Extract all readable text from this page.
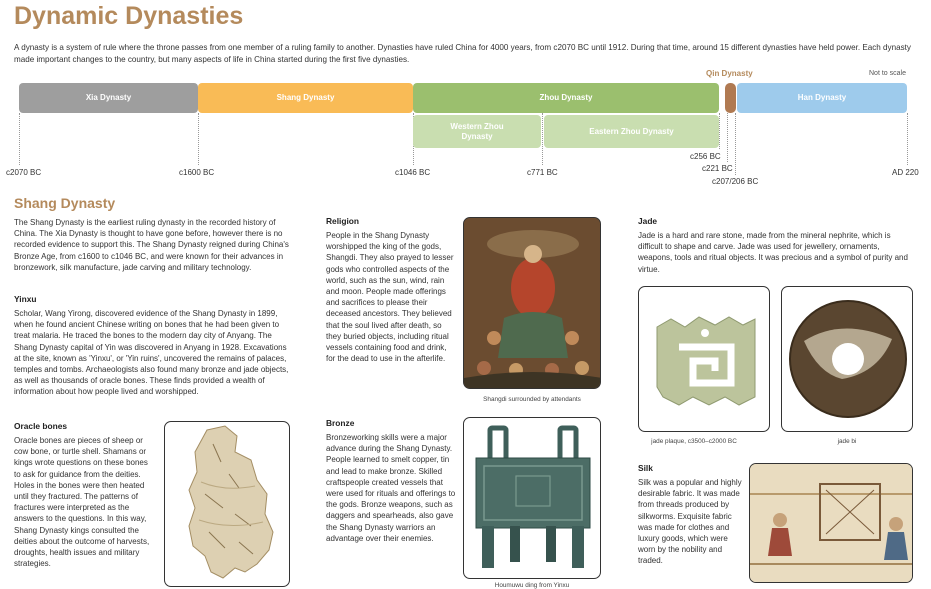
Dynamic Dynasties
A dynasty is a system of rule where the throne passes from one member of a ruling family to another. Dynasties have ruled China for 4000 years, from c2070 BC until 1912. During that time, around 15 different dynasties have held power. Each dynasty made important changes to the country, but many aspects of life in China started during the first five dynasties.
Qin Dynasty	Not to scale
Xia Dynasty	Shang Dynasty	Zhou Dynasty
Western Zhou Dynasty
Eastern Zhou Dynasty
Han Dynasty
c2070 BC	c1600 BC	c1046 BC	c771 BC
c256 BC
c221 BC
c207/206 BC
AD 220
Shang Dynasty
The Shang Dynasty is the earliest ruling dynasty in the recorded history of China. The Xia Dynasty is thought to have gone before, however there is no recorded evidence to support this. The Shang Dynasty reigned during China's Bronze Age, from c1600 to c1046 BC, and were known for their advances in bronzework, silk manufacture, jade carving and military technology.
Yinxu
Scholar, Wang Yirong, discovered evidence of the Shang Dynasty in 1899, when he found ancient Chinese writing on bones that he had been given to treat malaria. He traced the bones to the modern day city of Anyang. The Shang Dynasty capital of Yin was discovered in Anyang in 1928. Excavations at the site, known as 'Yinxu', or 'Yin ruins', uncovered the remains of palaces, temples and tombs. Archaeologists also found many bronze and jade objects, as well as thousands of oracle bones. These finds provided a wealth of information about how people lived and worshipped.
Oracle bones
Oracle bones are pieces of sheep or cow bone, or turtle shell. Shamans or kings wrote questions on these bones to ask for guidance from the deities. Holes in the bones were then heated until they fractured. The patterns of fractures were interpreted as the answers to the questions. In this way, Shang Dynasty kings consulted the deities about the outcome of harvests, droughts, health issues and military strategies.
Religion
People in the Shang Dynasty worshipped the king of the gods, Shangdi. They also prayed to lesser gods who controlled aspects of the world, such as the sun, wind, rain and moon. People made offerings and sacrifices to please their deceased ancestors. They believed that the soul lived after death, so they buried objects, including ritual vessels containing food and drink, for the dead to use in the afterlife.
Shangdi surrounded by attendants
Bronze
Bronzeworking skills were a major advance during the Shang Dynasty. People learned to smelt copper, tin and lead to make bronze. Skilled craftspeople created vessels that were used for rituals and offerings to the gods. Bronze weapons, such as daggers and spearheads, also gave the Shang Dynasty warriors an advantage over their enemies.
Houmuwu ding from Yinxu
Jade
Jade is a hard and rare stone, made from the mineral nephrite, which is difficult to shape and carve. Jade was used for jewellery, ornaments, weapons, tools and ritual objects. It was precious and a symbol of purity and virtue.
jade plaque, c3500–c2000 BC	jade bi
Silk
Silk was a popular and highly desirable fabric. It was made from threads produced by silkworms. Exquisite fabric was made for clothes and luxury goods, which were worn by the nobility and traded.
